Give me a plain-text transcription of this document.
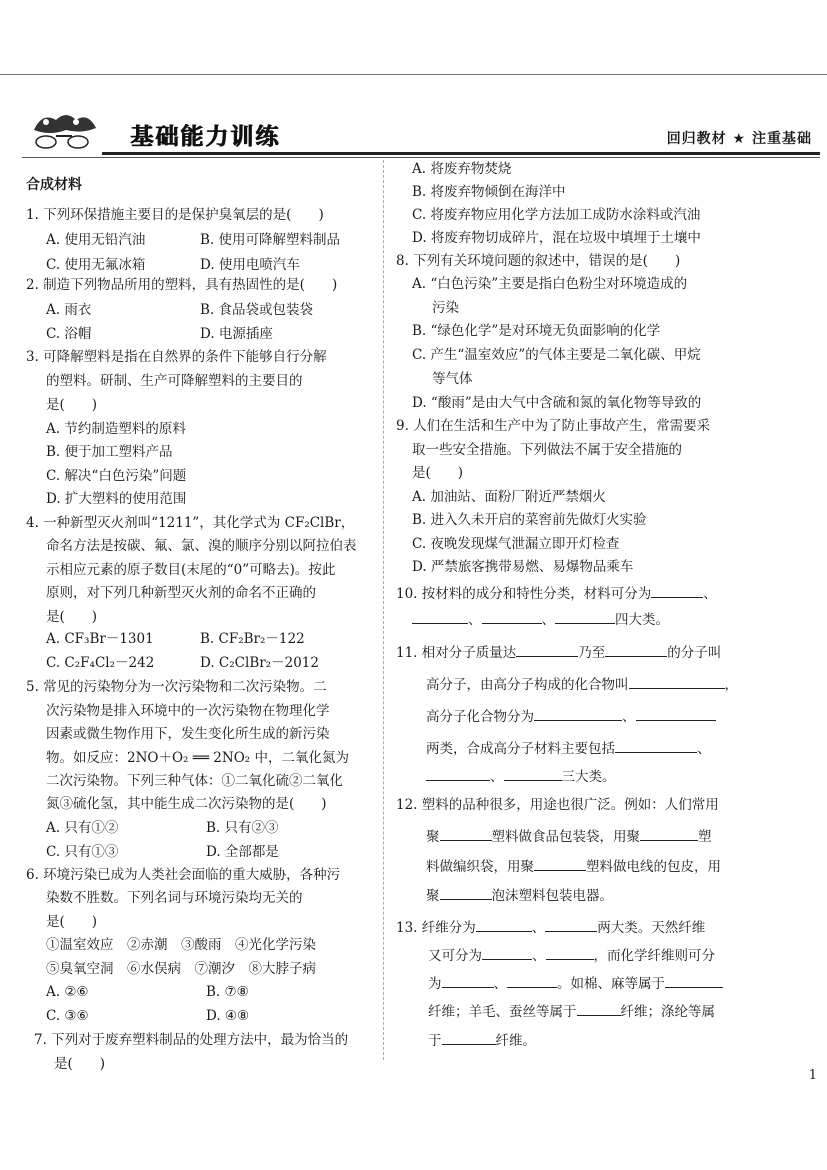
基础能力训练	回归教材 ★ 注重基础
合成材料
1. 下列环保措施主要目的是保护臭氧层的是(　　)
A. 使用无铅汽油	B. 使用可降解塑料制品
C. 使用无氟冰箱	D. 使用电喷汽车
2. 制造下列物品所用的塑料，具有热固性的是(　　)
A. 雨衣	B. 食品袋或包装袋
C. 浴帽	D. 电源插座
3. 可降解塑料是指在自然界的条件下能够自行分解
的塑料。研制、生产可降解塑料的主要目的
是(　　)
A. 节约制造塑料的原料
B. 便于加工塑料产品
C. 解决“白色污染”问题
D. 扩大塑料的使用范围
4. 一种新型灭火剂叫“1211”，其化学式为 CF₂ClBr，
命名方法是按碳、氟、氯、溴的顺序分别以阿拉伯表
示相应元素的原子数目(末尾的“0”可略去)。按此
原则，对下列几种新型灭火剂的命名不正确的
是(　　)
A. CF₃Br－1301	B. CF₂Br₂－122
C. C₂F₄Cl₂－242	D. C₂ClBr₂－2012
5. 常见的污染物分为一次污染物和二次污染物。二
次污染物是排入环境中的一次污染物在物理化学
因素或微生物作用下，发生变化所生成的新污染
物。如反应：2NO＋O₂ ══ 2NO₂ 中，二氧化氮为
二次污染物。下列三种气体：①二氧化硫②二氧化
氮③硫化氢，其中能生成二次污染物的是(　　)
A. 只有①②	B. 只有②③
C. 只有①③	D. 全部都是
6. 环境污染已成为人类社会面临的重大威胁，各种污
染数不胜数。下列名词与环境污染均无关的
是(　　)
①温室效应　②赤潮　③酸雨　④光化学污染
⑤臭氧空洞　⑥水俣病　⑦潮汐　⑧大脖子病
A. ②⑥	B. ⑦⑧
C. ③⑥	D. ④⑧
7. 下列对于废弃塑料制品的处理方法中，最为恰当的
是(　　)
A. 将废弃物焚烧
B. 将废弃物倾倒在海洋中
C. 将废弃物应用化学方法加工成防水涂料或汽油
D. 将废弃物切成碎片，混在垃圾中填埋于土壤中
8. 下列有关环境问题的叙述中，错误的是(　　)
A. “白色污染”主要是指白色粉尘对环境造成的
污染
B. “绿色化学”是对环境无负面影响的化学
C. 产生“温室效应”的气体主要是二氧化碳、甲烷
等气体
D. “酸雨”是由大气中含硫和氮的氧化物等导致的
9. 人们在生活和生产中为了防止事故产生，常需要采
取一些安全措施。下列做法不属于安全措施的
是(　　)
A. 加油站、面粉厂附近严禁烟火
B. 进入久未开启的菜窖前先做灯火实验
C. 夜晚发现煤气泄漏立即开灯检查
D. 严禁旅客携带易燃、易爆物品乘车
10. 按材料的成分和特性分类，材料可分为	、
、	、	四大类。
11. 相对分子质量达	乃至	的分子叫
高分子，由高分子构成的化合物叫	，
高分子化合物分为	、
两类，合成高分子材料主要包括	、
、	三大类。
12. 塑料的品种很多，用途也很广泛。例如：人们常用
聚	塑料做食品包装袋，用聚	塑
料做编织袋，用聚	塑料做电线的包皮，用
聚	泡沫塑料包装电器。
13. 纤维分为	、	两大类。天然纤维
又可分为	、	，而化学纤维则可分
为	、	。如棉、麻等属于
纤维；羊毛、蚕丝等属于	纤维；涤纶等属
于	纤维。
1
